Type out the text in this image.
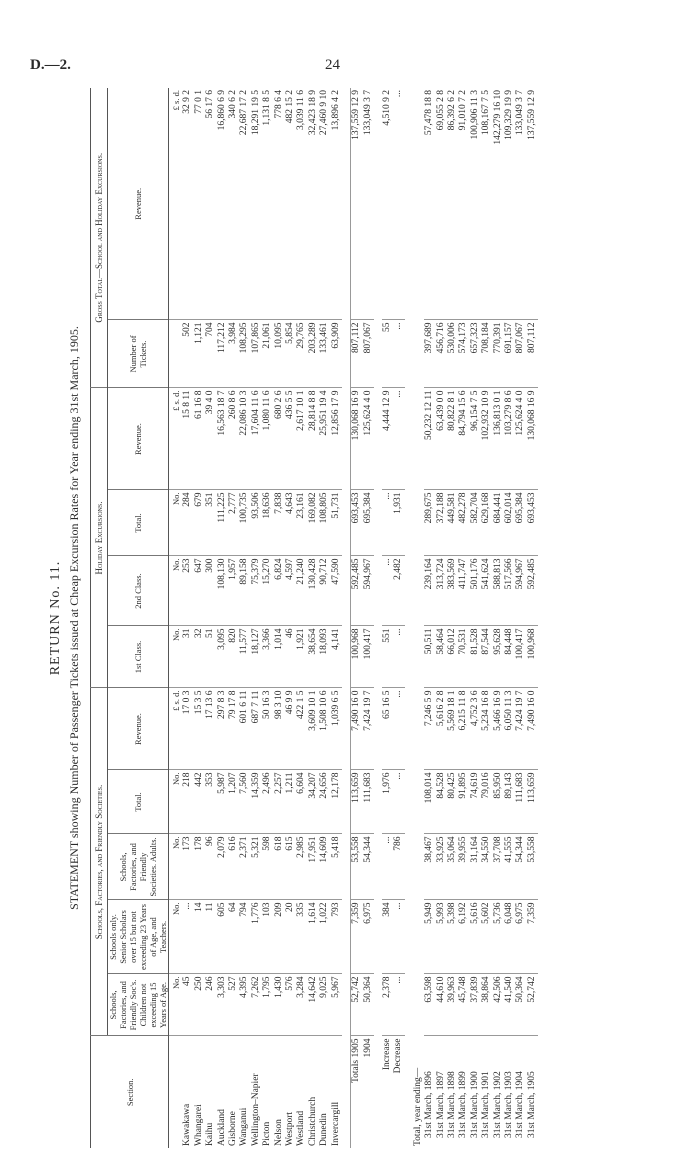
D.—2.	24
RETURN No. 11. STATEMENT showing Number of Passenger Tickets issued at Cheap Excursion Rates for Year ending 31st March, 1905.
Section.	Schools, Factories, and Friendly Societies.					Holiday Excursions.				Gross Total—School and Holiday Excursions.	
	Schools, Factories, and Friendly Soc's. Children not exceeding 15 Years of Age.	Schools only. Senior Scholars over 15 but not exceeding 23 Years of Age, and Teachers.	Schools, Factories, and Friendly Societies. Adults.	Total.	Revenue.	1st Class.	2nd Class.	Total.	Revenue.	Number of Tickets.	Revenue.
	No.	No.	No.	No.	£ s. d.	No.	No.	No.	£ s. d.		£ s. d.
Kawakawa	45	...	173	218	17 0 3	31	253	284	15 8 11	502	32 9 2
Whangarei	250	14	178	442	15 3 5	32	647	679	61 16 8	1,121	77 0 1
Kaihu	246	11	96	353	17 13 6	51	300	351	39 4 0	704	56 17 6
Auckland	3,303	605	2,079	5,987	297 8 3	3,095	108,130	111,225	16,563 18 7	117,212	16,860 6 9
Gisborne	527	64	616	1,207	79 17 8	820	1,957	2,777	260 8 6	3,984	340 6 2
Wanganui	4,395	794	2,371	7,560	601 6 11	11,577	89,158	100,735	22,086 10 3	108,295	22,687 17 2
Wellington–Napier	7,262	1,776	5,321	14,359	687 7 11	18,127	75,379	93,506	17,604 11 6	107,865	18,291 19 5
Picton	1,795	103	598	2,496	50 16 3	3,366	15,270	18,636	1,080 11 6	21,061	1,131 8 5
Nelson	1,430	209	618	2,257	98 3 10	1,014	6,824	7,838	680 2 6	10,095	778 6 4
Westport	576	20	615	1,211	46 9 9	46	4,597	4,643	436 5 5	5,854	482 15 2
Westland	3,284	335	2,985	6,604	422 1 5	1,921	21,240	23,161	2,617 10 1	29,765	3,039 11 6
Christchurch	14,642	1,614	17,951	34,207	3,609 10 1	38,654	130,428	169,082	28,814 8 8	203,289	32,423 18 9
Dunedin	9,025	1,022	14,609	24,656	1,508 10 6	18,093	90,712	108,805	25,951 19 4	133,461	27,460 9 10
Invercargill	5,967	793	5,418	12,178	1,039 6 5	4,141	47,590	51,731	12,856 17 9	63,909	13,896 4 2

Totals 1905	52,742	7,359	53,558	113,659	7,490 16 0	100,968	592,485	693,453	130,068 16 9	807,112	137,559 12 9
1904	50,364	6,975	54,344	111,683	7,424 19 7	100,417	594,967	695,384	125,624 4 0	807,067	133,049 3 7

Increase	2,378	384	...	1,976	65 16 5	551	...	...	4,444 12 9	55	4,510 9 2
Decrease	...	...	786	...	...	...	2,482	1,931	...	...	...

Total, year ending—											
31st March, 1896	63,598	5,949	38,467	108,014	7,246 5 9	50,511	239,164	289,675	50,232 12 11	397,689	57,478 18 8
31st March, 1897	44,610	5,993	33,925	84,528	5,616 2 8	58,464	313,724	372,188	63,439 0 0	456,716	69,055 2 8
31st March, 1898	39,963	5,398	35,064	80,425	5,569 18 1	66,012	383,569	449,581	80,822 8 1	530,006	86,392 6 2
31st March, 1899	45,748	6,192	39,955	91,895	6,215 11 8	70,531	411,747	482,278	84,794 15 6	574,173	91,010 7 2
31st March, 1900	37,839	5,616	31,164	74,619	4,752 3 6	81,528	501,176	582,704	96,154 7 5	657,323	100,906 11 3
31st March, 1901	38,864	5,602	34,550	79,016	5,234 16 8	87,544	541,624	629,168	102,932 10 9	708,184	108,167 7 5
31st March, 1902	42,506	5,736	37,708	85,950	5,466 16 9	95,628	588,813	684,441	136,813 0 1	770,391	142,279 16 10
31st March, 1903	41,540	6,048	41,555	89,143	6,050 11 3	84,448	517,566	602,014	103,279 8 6	691,157	109,329 19 9
31st March, 1904	50,364	6,975	54,344	111,683	7,424 19 7	100,417	594,967	695,384	125,624 4 0	807,067	133,049 3 7
31st March, 1905	52,742	7,359	53,558	113,659	7,490 16 0	100,968	592,485	693,453	130,068 16 9	807,112	137,559 12 9
